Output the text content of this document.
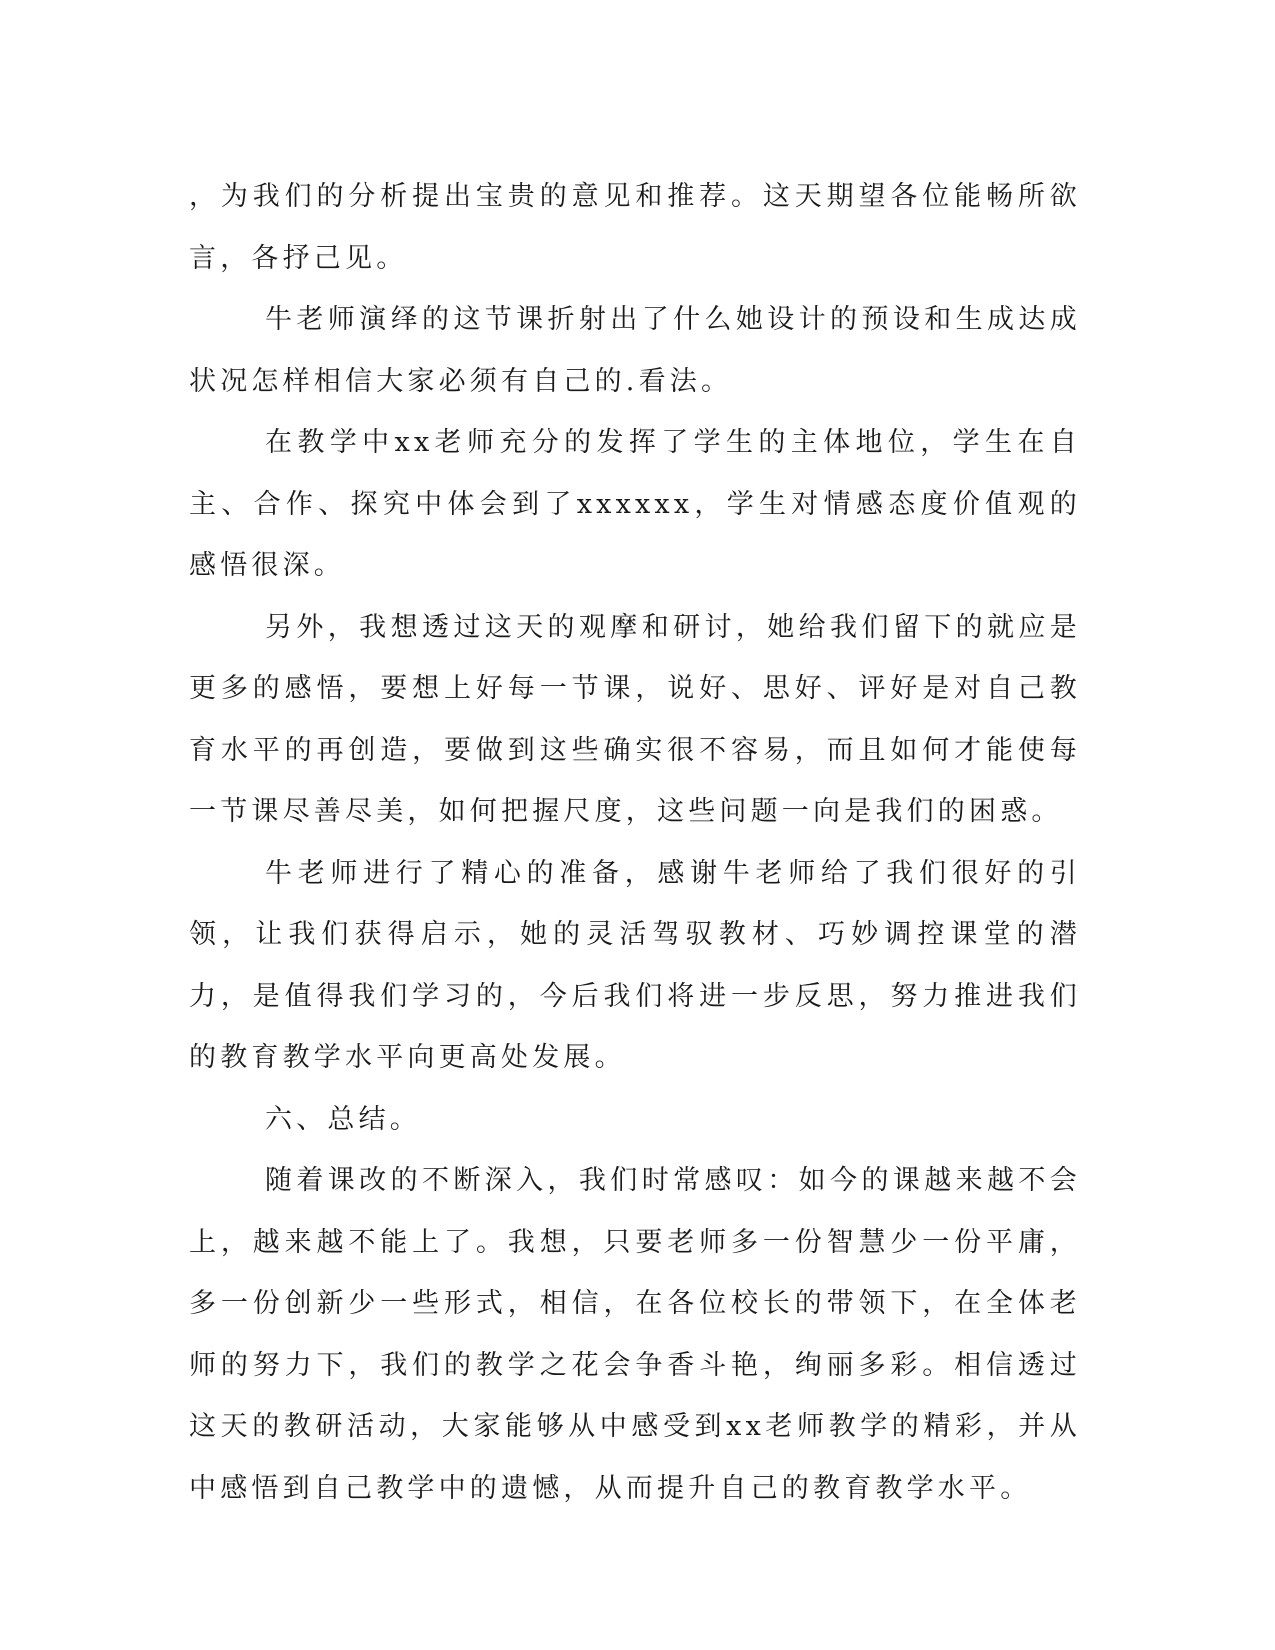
，为我们的分析提出宝贵的意见和推荐。这天期望各位能畅所欲言，各抒己见。

牛老师演绎的这节课折射出了什么她设计的预设和生成达成状况怎样相信大家必须有自己的.看法。

在教学中xx老师充分的发挥了学生的主体地位，学生在自主、合作、探究中体会到了xxxxxx，学生对情感态度价值观的感悟很深。

另外，我想透过这天的观摩和研讨，她给我们留下的就应是更多的感悟，要想上好每一节课，说好、思好、评好是对自己教育水平的再创造，要做到这些确实很不容易，而且如何才能使每一节课尽善尽美，如何把握尺度，这些问题一向是我们的困惑。

牛老师进行了精心的准备，感谢牛老师给了我们很好的引领，让我们获得启示，她的灵活驾驭教材、巧妙调控课堂的潜力，是值得我们学习的，今后我们将进一步反思，努力推进我们的教育教学水平向更高处发展。

六、总结。

随着课改的不断深入，我们时常感叹：如今的课越来越不会上，越来越不能上了。我想，只要老师多一份智慧少一份平庸，多一份创新少一些形式，相信，在各位校长的带领下，在全体老师的努力下，我们的教学之花会争香斗艳，绚丽多彩。相信透过这天的教研活动，大家能够从中感受到xx老师教学的精彩，并从中感悟到自己教学中的遗憾，从而提升自己的教育教学水平。
